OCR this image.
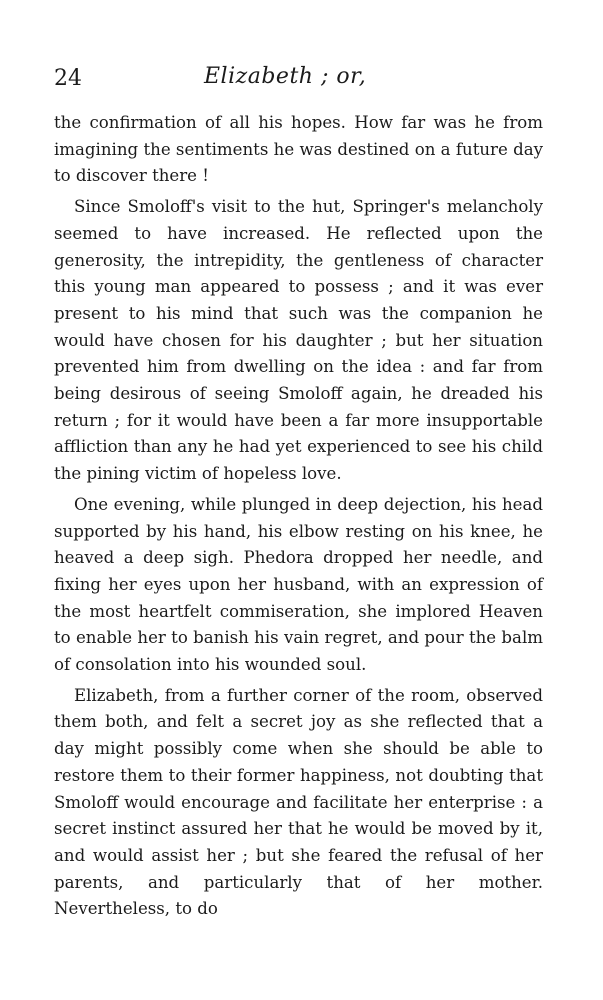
24	Elizabeth ; or,

the confirmation of all his hopes. How far was he from imagining the sentiments he was destined on a future day to discover there !

Since Smoloff's visit to the hut, Springer's melancholy seemed to have increased. He reflected upon the generosity, the intrepidity, the gentleness of character this young man appeared to possess ; and it was ever present to his mind that such was the companion he would have chosen for his daughter ; but her situation prevented him from dwelling on the idea : and far from being desirous of seeing Smoloff again, he dreaded his return ; for it would have been a far more insupportable affliction than any he had yet experienced to see his child the pining victim of hopeless love.

One evening, while plunged in deep dejection, his head supported by his hand, his elbow resting on his knee, he heaved a deep sigh. Phedora dropped her needle, and fixing her eyes upon her husband, with an expression of the most heartfelt commiseration, she implored Heaven to enable her to banish his vain regret, and pour the balm of consolation into his wounded soul.

Elizabeth, from a further corner of the room, observed them both, and felt a secret joy as she reflected that a day might possibly come when she should be able to restore them to their former happiness, not doubting that Smoloff would encourage and facilitate her enterprise : a secret instinct assured her that he would be moved by it, and would assist her ; but she feared the refusal of her parents, and particularly that of her mother. Nevertheless, to do
